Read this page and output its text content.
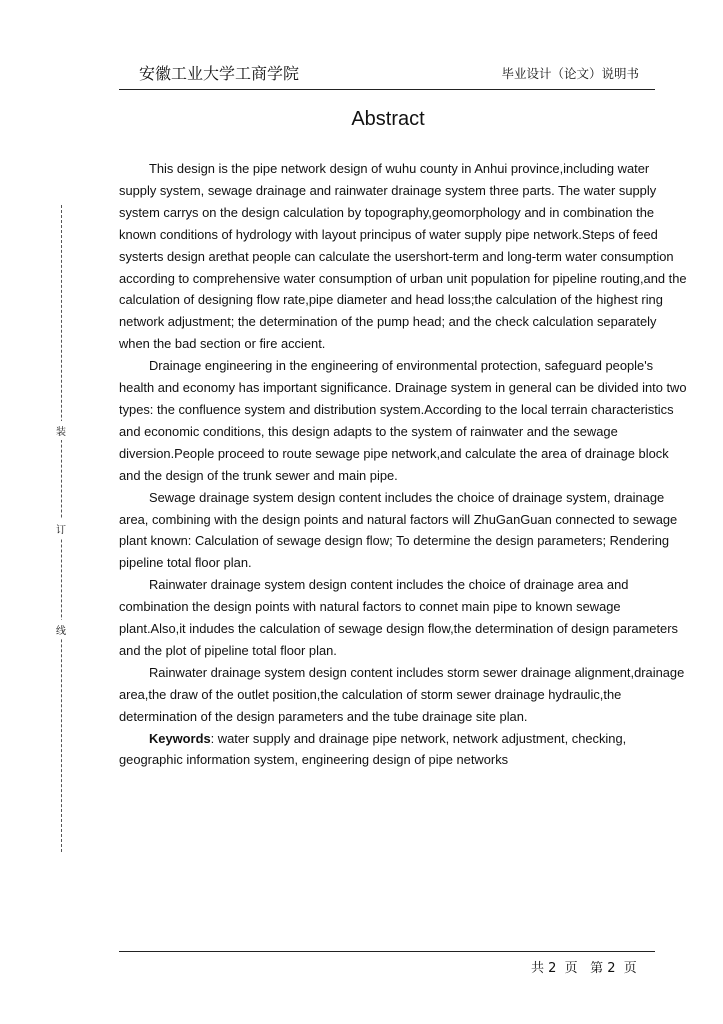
安徽工业大学工商学院	毕业设计（论文）说明书
Abstract
装
订
线

This design is the pipe network design of wuhu county in Anhui province,including water supply system, sewage drainage and rainwater drainage system three parts. The water supply system carrys on the design calculation by topography,geomorphology and in combination the known conditions of hydrology with layout principus of water supply pipe network.Steps of feed systerts design arethat people can calculate the usershort-term and long-term water consumption according to comprehensive water consumption of urban unit population for pipeline routing,and the calculation of designing flow rate,pipe diameter and head loss;the calculation of the highest ring network adjustment; the determination of the pump head; and the check calculation separately when the bad section or fire accient.

Drainage engineering in the engineering of environmental protection, safeguard people's health and economy has important significance. Drainage system in general can be divided into two types: the confluence system and distribution system.According to the local terrain characteristics and economic conditions, this design adapts to the system of rainwater and the sewage diversion.People proceed to route sewage pipe network,and calculate the area of drainage block and the design of the trunk sewer and main pipe.

Sewage drainage system design content includes the choice of drainage system, drainage area, combining with the design points and natural factors will ZhuGanGuan connected to sewage plant known: Calculation of sewage design flow; To determine the design parameters; Rendering pipeline total floor plan.

Rainwater drainage system design content includes the choice of drainage area and combination the design points with natural factors to connet main pipe to known sewage plant.Also,it indudes the calculation of sewage design flow,the determination of design parameters and the plot of pipeline total floor plan.

Rainwater drainage system design content includes storm sewer drainage alignment,drainage area,the draw of the outlet position,the calculation of storm sewer drainage hydraulic,the determination of the design parameters and the tube drainage site plan.

Keywords: water supply and drainage pipe network, network adjustment, checking, geographic information system, engineering design of pipe networks

共 2  页   第 2  页
